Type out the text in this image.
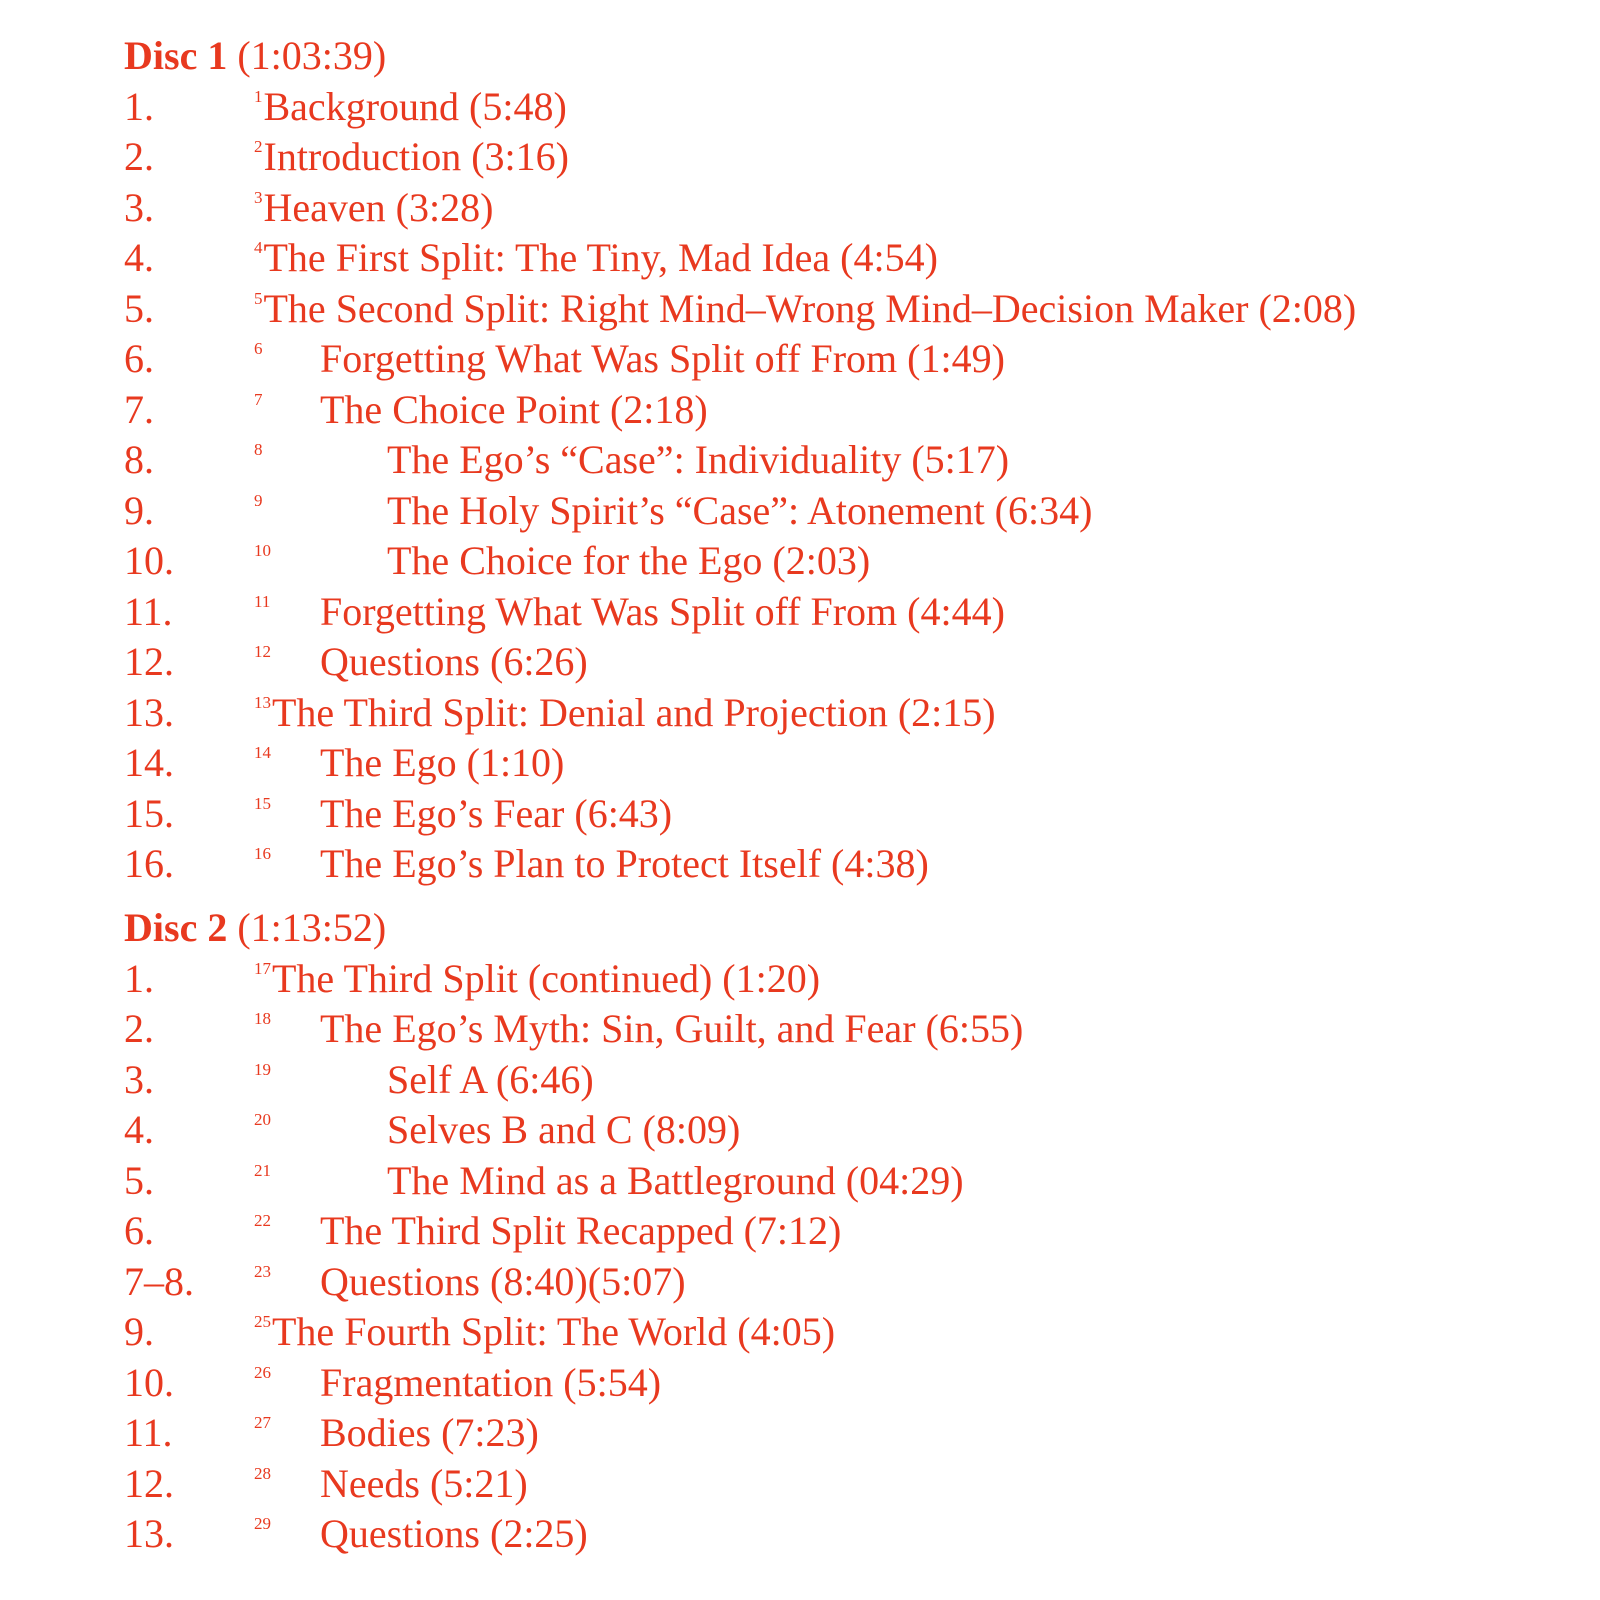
Disc 1 (1:03:39)
1.	1 Background (5:48)
2.	2 Introduction (3:16)
3.	3 Heaven (3:28)
4.	4 The First Split: The Tiny, Mad Idea (4:54)
5.	5 The Second Split: Right Mind–Wrong Mind–Decision Maker (2:08)
6.	6 Forgetting What Was Split off From (1:49)
7.	7 The Choice Point (2:18)
8.	8	The Ego’s “Case”: Individuality (5:17)
9.	9	The Holy Spirit’s “Case”: Atonement (6:34)
10.	10	The Choice for the Ego (2:03)
11.	11 Forgetting What Was Split off From (4:44)
12.	12 Questions (6:26)
13.	13 The Third Split: Denial and Projection (2:15)
14.	14 The Ego (1:10)
15.	15 The Ego’s Fear (6:43)
16.	16 The Ego’s Plan to Protect Itself (4:38)
Disc 2 (1:13:52)
1.	17 The Third Split (continued) (1:20)
2.	18 The Ego’s Myth: Sin, Guilt, and Fear (6:55)
3.	19	Self A (6:46)
4.	20	Selves B and C (8:09)
5.	21	The Mind as a Battleground (04:29)
6.	22 The Third Split Recapped (7:12)
7–8.	23 Questions (8:40)(5:07)
9.	25 The Fourth Split: The World (4:05)
10.	26 Fragmentation (5:54)
11.	27 Bodies (7:23)
12.	28 Needs (5:21)
13.	29 Questions (2:25)
